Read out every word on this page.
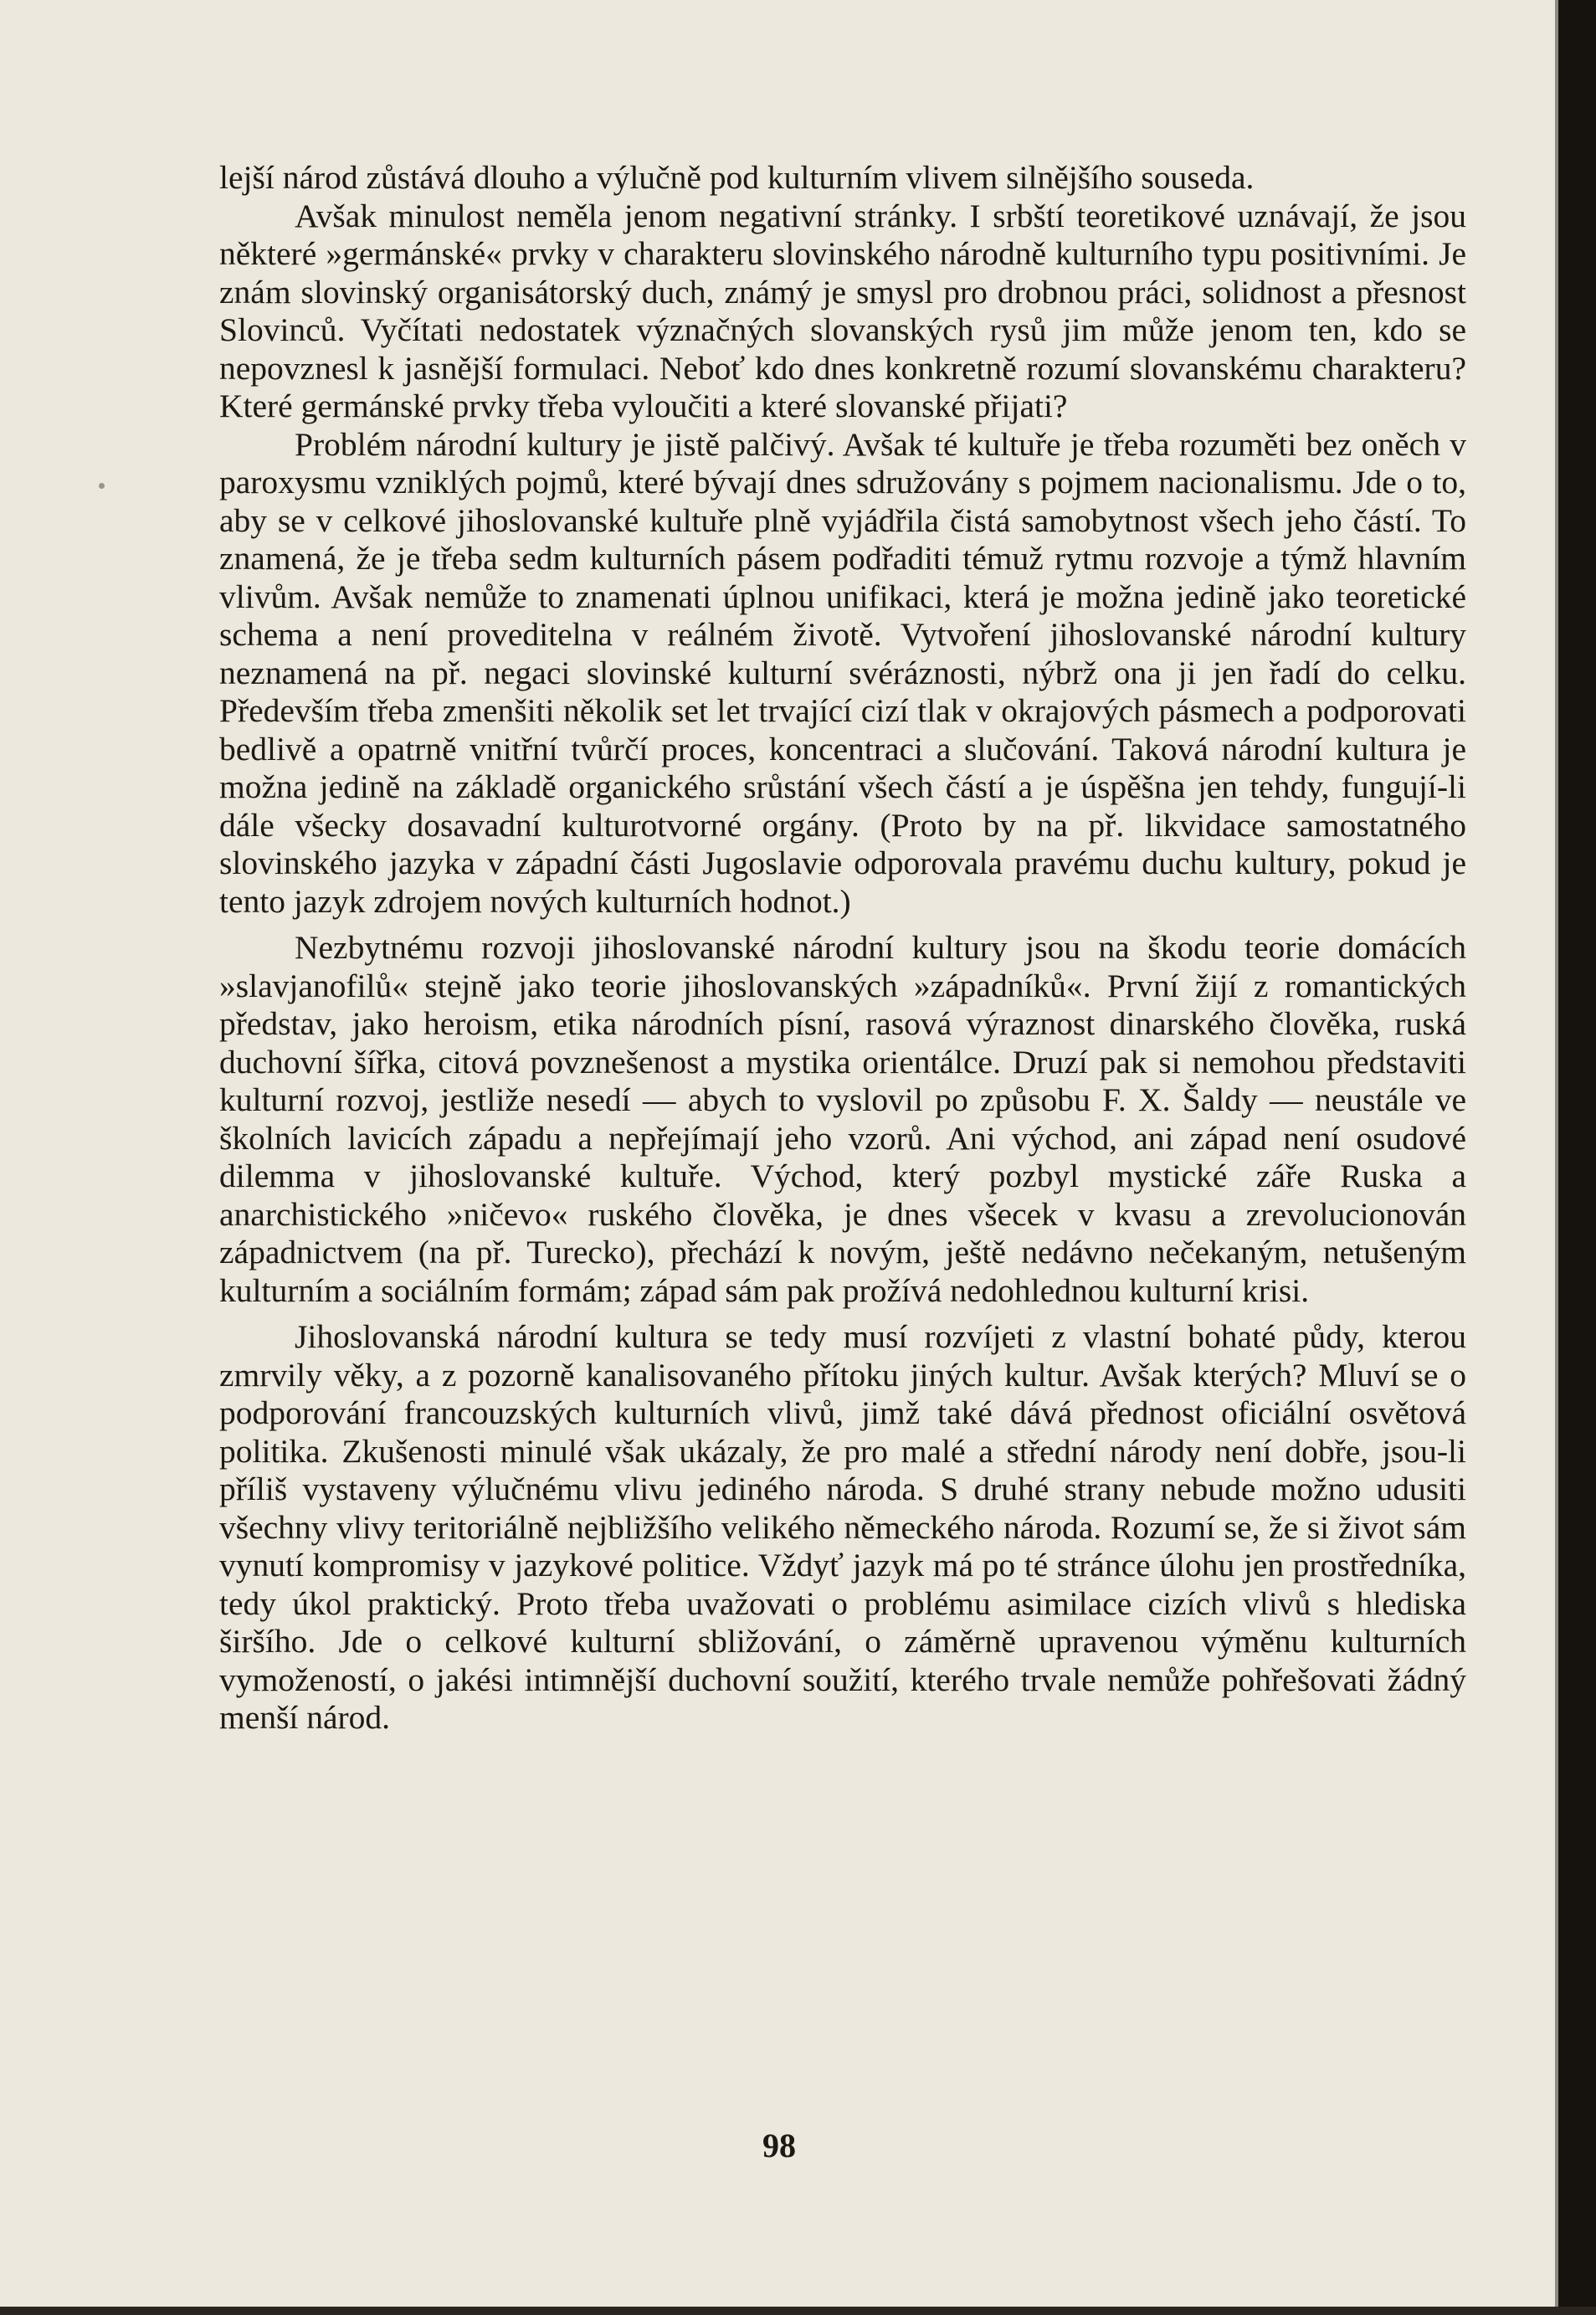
lejší národ zůstává dlouho a výlučně pod kulturním vlivem silnějšího souseda.

Avšak minulost neměla jenom negativní stránky. I srbští teoretikové uznávají, že jsou některé »germánské« prvky v charakteru slovinského národně kulturního typu positivními. Je znám slovinský organisátorský duch, známý je smysl pro drobnou práci, solidnost a přesnost Slovinců. Vyčítati nedostatek význačných slovanských rysů jim může jenom ten, kdo se nepovznesl k jasnější formulaci. Neboť kdo dnes konkretně rozumí slovanskému charakteru? Které germánské prvky třeba vyloučiti a které slovanské přijati?

Problém národní kultury je jistě palčivý. Avšak té kultuře je třeba rozuměti bez oněch v paroxysmu vzniklých pojmů, které bývají dnes sdružovány s pojmem nacionalismu. Jde o to, aby se v celkové jihoslovanské kultuře plně vyjádřila čistá samobytnost všech jeho částí. To znamená, že je třeba sedm kulturních pásem podřaditi témuž rytmu rozvoje a týmž hlavním vlivům. Avšak nemůže to znamenati úplnou unifikaci, která je možna jedině jako teoretické schema a není proveditelna v reálném životě. Vytvoření jihoslovanské národní kultury neznamená na př. negaci slovinské kulturní svéráznosti, nýbrž ona ji jen řadí do celku. Především třeba zmenšiti několik set let trvající cizí tlak v okrajových pásmech a podporovati bedlivě a opatrně vnitřní tvůrčí proces, koncentraci a slučování. Taková národní kultura je možna jedině na základě organického srůstání všech částí a je úspěšna jen tehdy, fungují-li dále všecky dosavadní kulturotvorné orgány. (Proto by na př. likvidace samostatného slovinského jazyka v západní části Jugoslavie odporovala pravému duchu kultury, pokud je tento jazyk zdrojem nových kulturních hodnot.)

Nezbytnému rozvoji jihoslovanské národní kultury jsou na škodu teorie domácích »slavjanofilů« stejně jako teorie jihoslovanských »západníků«. První žijí z romantických představ, jako heroism, etika národních písní, rasová výraznost dinarského člověka, ruská duchovní šířka, citová povznešenost a mystika orientálce. Druzí pak si nemohou představiti kulturní rozvoj, jestliže nesedí — abych to vyslovil po způsobu F. X. Šaldy — neustále ve školních lavicích západu a nepřejímají jeho vzorů. Ani východ, ani západ není osudové dilemma v jihoslovanské kultuře. Východ, který pozbyl mystické záře Ruska a anarchistického »ničevo« ruského člověka, je dnes všecek v kvasu a zrevolucionován západnictvem (na př. Turecko), přechází k novým, ještě nedávno nečekaným, netušeným kulturním a sociálním formám; západ sám pak prožívá nedohlednou kulturní krisi.

Jihoslovanská národní kultura se tedy musí rozvíjeti z vlastní bohaté půdy, kterou zmrvily věky, a z pozorně kanalisovaného přítoku jiných kultur. Avšak kterých? Mluví se o podporování francouzských kulturních vlivů, jimž také dává přednost oficiální osvětová politika. Zkušenosti minulé však ukázaly, že pro malé a střední národy není dobře, jsou-li příliš vystaveny výlučnému vlivu jediného národa. S druhé strany nebude možno udusiti všechny vlivy teritoriálně nejbližšího velikého německého národa. Rozumí se, že si život sám vynutí kompromisy v jazykové politice. Vždyť jazyk má po té stránce úlohu jen prostředníka, tedy úkol praktický. Proto třeba uvažovati o problému asimilace cizích vlivů s hlediska širšího. Jde o celkové kulturní sbližování, o záměrně upravenou výměnu kulturních vymožeností, o jakési intimnější duchovní soužití, kterého trvale nemůže pohřešovati žádný menší národ.

98
